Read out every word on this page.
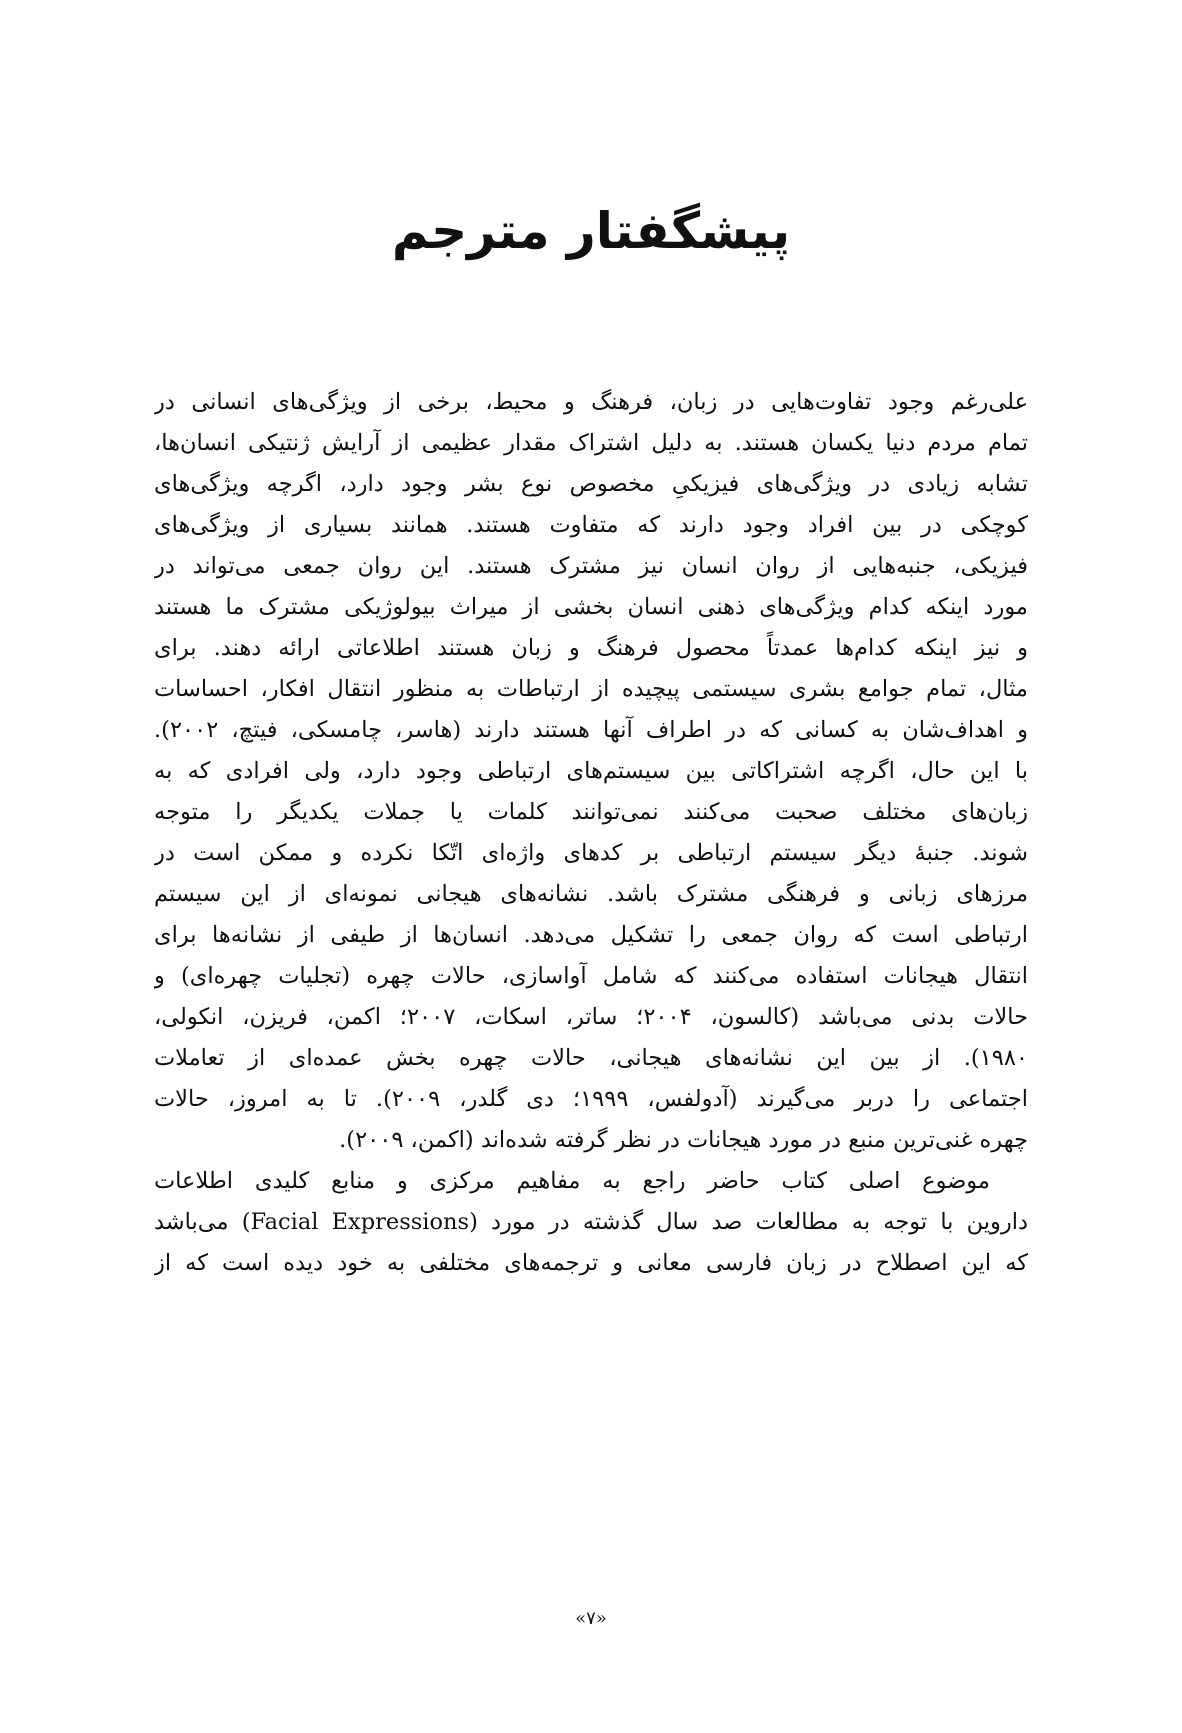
پیشگفتار مترجم
علی‌رغم وجود تفاوت‌هایی در زبان، فرهنگ و محیط، برخی از ویژگی‌های انسانی در
تمام مردم دنیا یکسان هستند. به دلیل اشتراک مقدار عظیمی از آرایش ژنتیکی انسان‌ها،
تشابه زیادی در ویژگی‌های فیزیکیِ مخصوص نوع بشر وجود دارد، اگرچه ویژگی‌های
کوچکی در بین افراد وجود دارند که متفاوت هستند. همانند بسیاری از ویژگی‌های
فیزیکی، جنبه‌هایی از روان انسان نیز مشترک هستند. این روان جمعی می‌تواند در
مورد اینکه کدام ویژگی‌های ذهنی انسان بخشی از میراث بیولوژیکی مشترک ما هستند
و نیز اینکه کدام‌ها عمدتاً محصول فرهنگ و زبان هستند اطلاعاتی ارائه دهند. برای
مثال، تمام جوامع بشری سیستمی پیچیده از ارتباطات به منظور انتقال افکار، احساسات
و اهداف‌شان به کسانی که در اطراف آنها هستند دارند (هاسر، چامسکی، فیتچ، ۲۰۰۲).
با این حال، اگرچه اشتراکاتی بین سیستم‌های ارتباطی وجود دارد، ولی افرادی که به
زبان‌های مختلف صحبت می‌کنند نمی‌توانند کلمات یا جملات یکدیگر را متوجه
شوند. جنبهٔ دیگر سیستم ارتباطی بر کدهای واژه‌ای اتّکا نکرده و ممکن است در
مرزهای زبانی و فرهنگی مشترک باشد. نشانه‌های هیجانی نمونه‌ای از این سیستم
ارتباطی است که روان جمعی را تشکیل می‌دهد. انسان‌ها از طیفی از نشانه‌ها برای
انتقال هیجانات استفاده می‌کنند که شامل آواسازی، حالات چهره (تجلیات چهره‌ای) و
حالات بدنی می‌باشد (کالسون، ۲۰۰۴؛ ساتر، اسکات، ۲۰۰۷؛ اکمن، فریزن، انکولی،
۱۹۸۰). از بین این نشانه‌های هیجانی، حالات چهره بخش عمده‌ای از تعاملات
اجتماعی را دربر می‌گیرند (آدولفس، ۱۹۹۹؛ دی گلدر، ۲۰۰۹). تا به امروز، حالات
چهره غنی‌ترین منبع در مورد هیجانات در نظر گرفته شده‌اند (اکمن، ۲۰۰۹).
موضوع اصلی کتاب حاضر راجع به مفاهیم مرکزی و منابع کلیدی اطلاعات
داروین با توجه به مطالعات صد سال گذشته در مورد (Facial Expressions) می‌باشد
که این اصطلاح در زبان فارسی معانی و ترجمه‌های مختلفی به خود دیده است که از
«۷»
